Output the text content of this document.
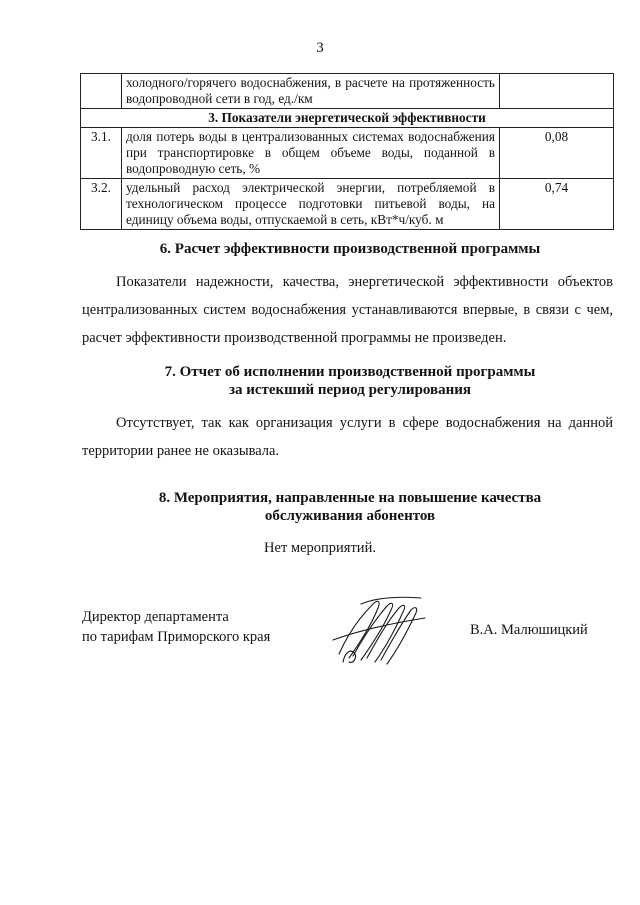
3
	холодного/горячего водоснабжения, в расчете на протяженность водопроводной сети в год, ед./км	
3. Показатели энергетической эффективности		
3.1.	доля потерь воды в централизованных системах водоснабжения при транспортировке в общем объеме воды, поданной в водопроводную сеть, %	0,08
3.2.	удельный расход электрической энергии, потребляемой в технологическом процессе подготовки питьевой воды, на единицу объема воды, отпускаемой в сеть, кВт*ч/куб. м	0,74
6. Расчет эффективности производственной программы
Показатели надежности, качества, энергетической эффективности объектов централизованных систем водоснабжения устанавливаются впервые, в связи с чем, расчет эффективности производственной программы не произведен.
7. Отчет об исполнении производственной программы
за истекший период регулирования
Отсутствует, так как организация услуги в сфере водоснабжения на данной территории ранее не оказывала.
8. Мероприятия, направленные на повышение качества
обслуживания абонентов
Нет мероприятий.
Директор департамента
по тарифам Приморского края	В.А. Малюшицкий
